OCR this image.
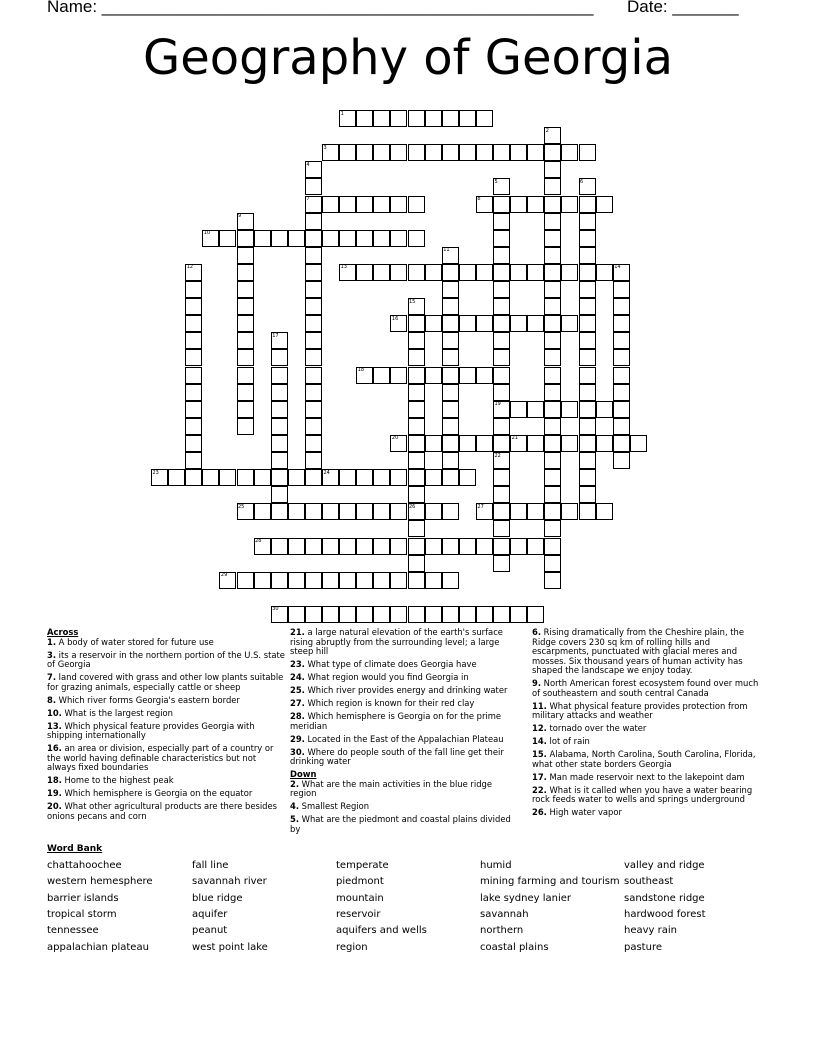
Name: ____________________________________________________ Date: _______
Geography of Georgia
1
2
3
4
5	6
7	8
9
10
11
12	13	14
15
16
17
18
19
20	21
22
23	24
25	26	27
28
29
30
Across
1. A body of water stored for future use
3. its a reservoir in the northern portion of the U.S. state of Georgia
7. land covered with grass and other low plants suitable for grazing animals, especially cattle or sheep
8. Which river forms Georgia's eastern border
10. What is the largest region
13. Which physical feature provides Georgia with shipping internationally
16. an area or division, especially part of a country or the world having definable characteristics but not always fixed boundaries
18. Home to the highest peak
19. Which hemisphere is Georgia on the equator
20. What other agricultural products are there besides onions pecans and corn
21. a large natural elevation of the earth's surface rising abruptly from the surrounding level; a large steep hill
23. What type of climate does Georgia have
24. What region would you find Georgia in
25. Which river provides energy and drinking water
27. Which region is known for their red clay
28. Which hemisphere is Georgia on for the prime meridian
29. Located in the East of the Appalachian Plateau
30. Where do people south of the fall line get their drinking water
Down
2. What are the main activities in the blue ridge region
4. Smallest Region
5. What are the piedmont and coastal plains divided by
6. Rising dramatically from the Cheshire plain, the Ridge covers 230 sq km of rolling hills and escarpments, punctuated with glacial meres and mosses. Six thousand years of human activity has shaped the landscape we enjoy today.
9. North American forest ecosystem found over much of southeastern and south central Canada
11. What physical feature provides protection from military attacks and weather
12. tornado over the water
14. lot of rain
15. Alabama, North Carolina, South Carolina, Florida, what other state borders Georgia
17. Man made reservoir next to the lakepoint dam
22. What is it called when you have a water bearing rock feeds water to wells and springs underground
26. High water vapor
Word Bank
chattahoochee	fall line	temperate	humid	valley and ridge
western hemesphere	savannah river	piedmont	mining farming and tourism southeast
barrier islands	blue ridge	mountain	lake sydney lanier	sandstone ridge
tropical storm	aquifer	reservoir	savannah	hardwood forest
tennessee	peanut	aquifers and wells	northern	heavy rain
appalachian plateau	west point lake	region	coastal plains	pasture
